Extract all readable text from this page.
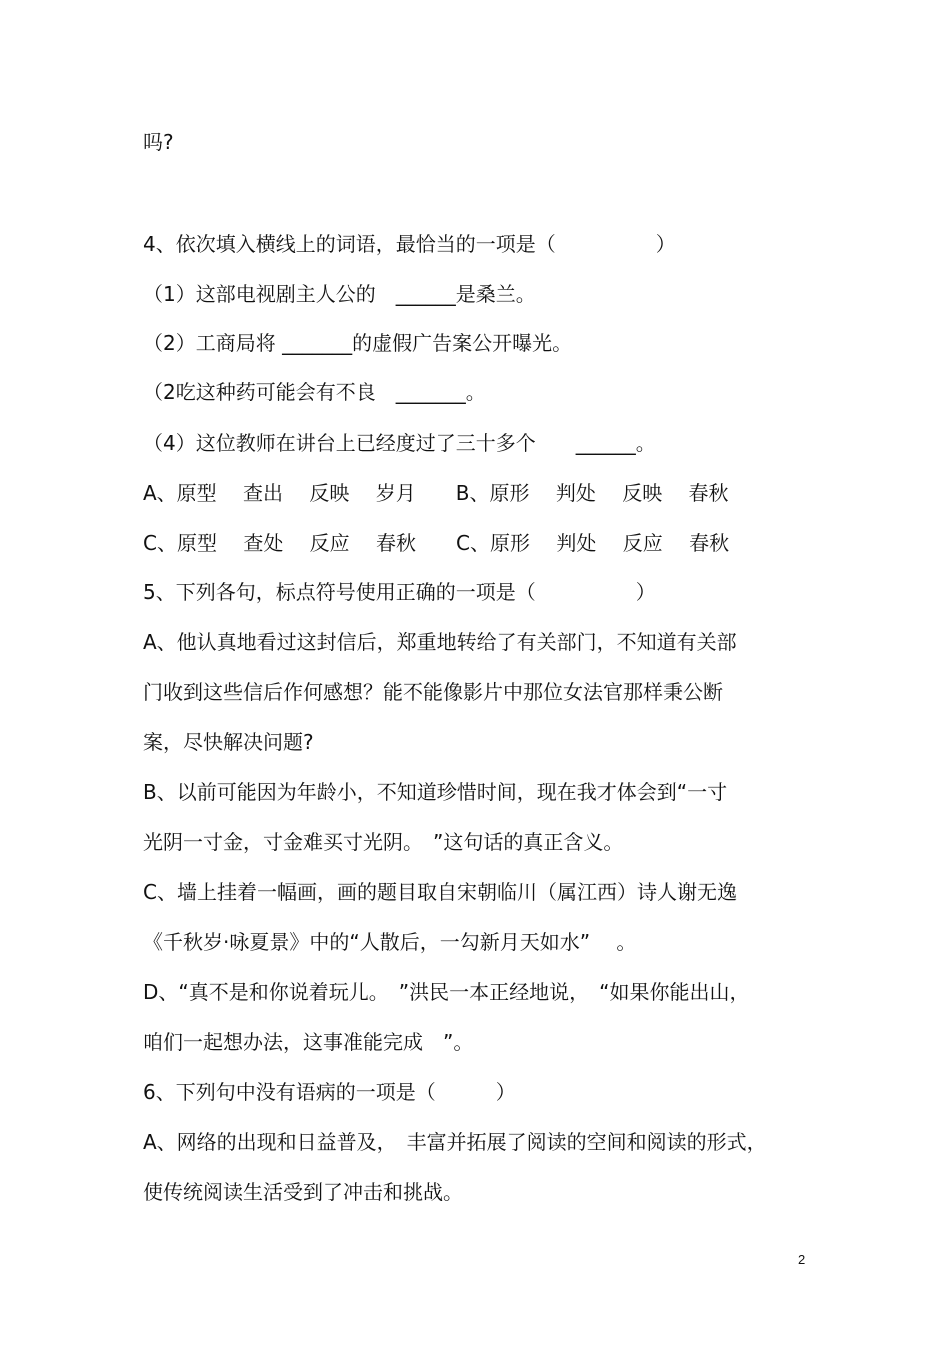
吗?

4、依次填入横线上的词语，最恰当的一项是（　　　　　）

（1）这部电视剧主人公的　______是桑兰。

（2）工商局将 _______的虚假广告案公开曝光。

（2吃这种药可能会有不良　_______。

（4）这位教师在讲台上已经度过了三十多个　　______。

A、原型　 查出　 反映　 岁月　　B、原形　 判处　 反映　 春秋

C、原型　 查处　 反应　 春秋　　C、原形　 判处　 反应　 春秋

5、下列各句，标点符号使用正确的一项是（　　　　　）

A、他认真地看过这封信后，郑重地转给了有关部门，不知道有关部

门收到这些信后作何感想？能不能像影片中那位女法官那样秉公断

案，尽快解决问题?

B、以前可能因为年龄小，不知道珍惜时间，现在我才体会到“一寸

光阴一寸金，寸金难买寸光阴。　”这句话的真正含义。

C、墙上挂着一幅画，画的题目取自宋朝临川（属江西）诗人谢无逸

《千秋岁·咏夏景》中的“人散后，一勾新月天如水”　 。

D、“真不是和你说着玩儿。　”洪民一本正经地说，　“如果你能出山，

咱们一起想办法，这事准能完成　”。

6、下列句中没有语病的一项是（　　　）

A、网络的出现和日益普及，　丰富并拓展了阅读的空间和阅读的形式，

使传统阅读生活受到了冲击和挑战。

2
